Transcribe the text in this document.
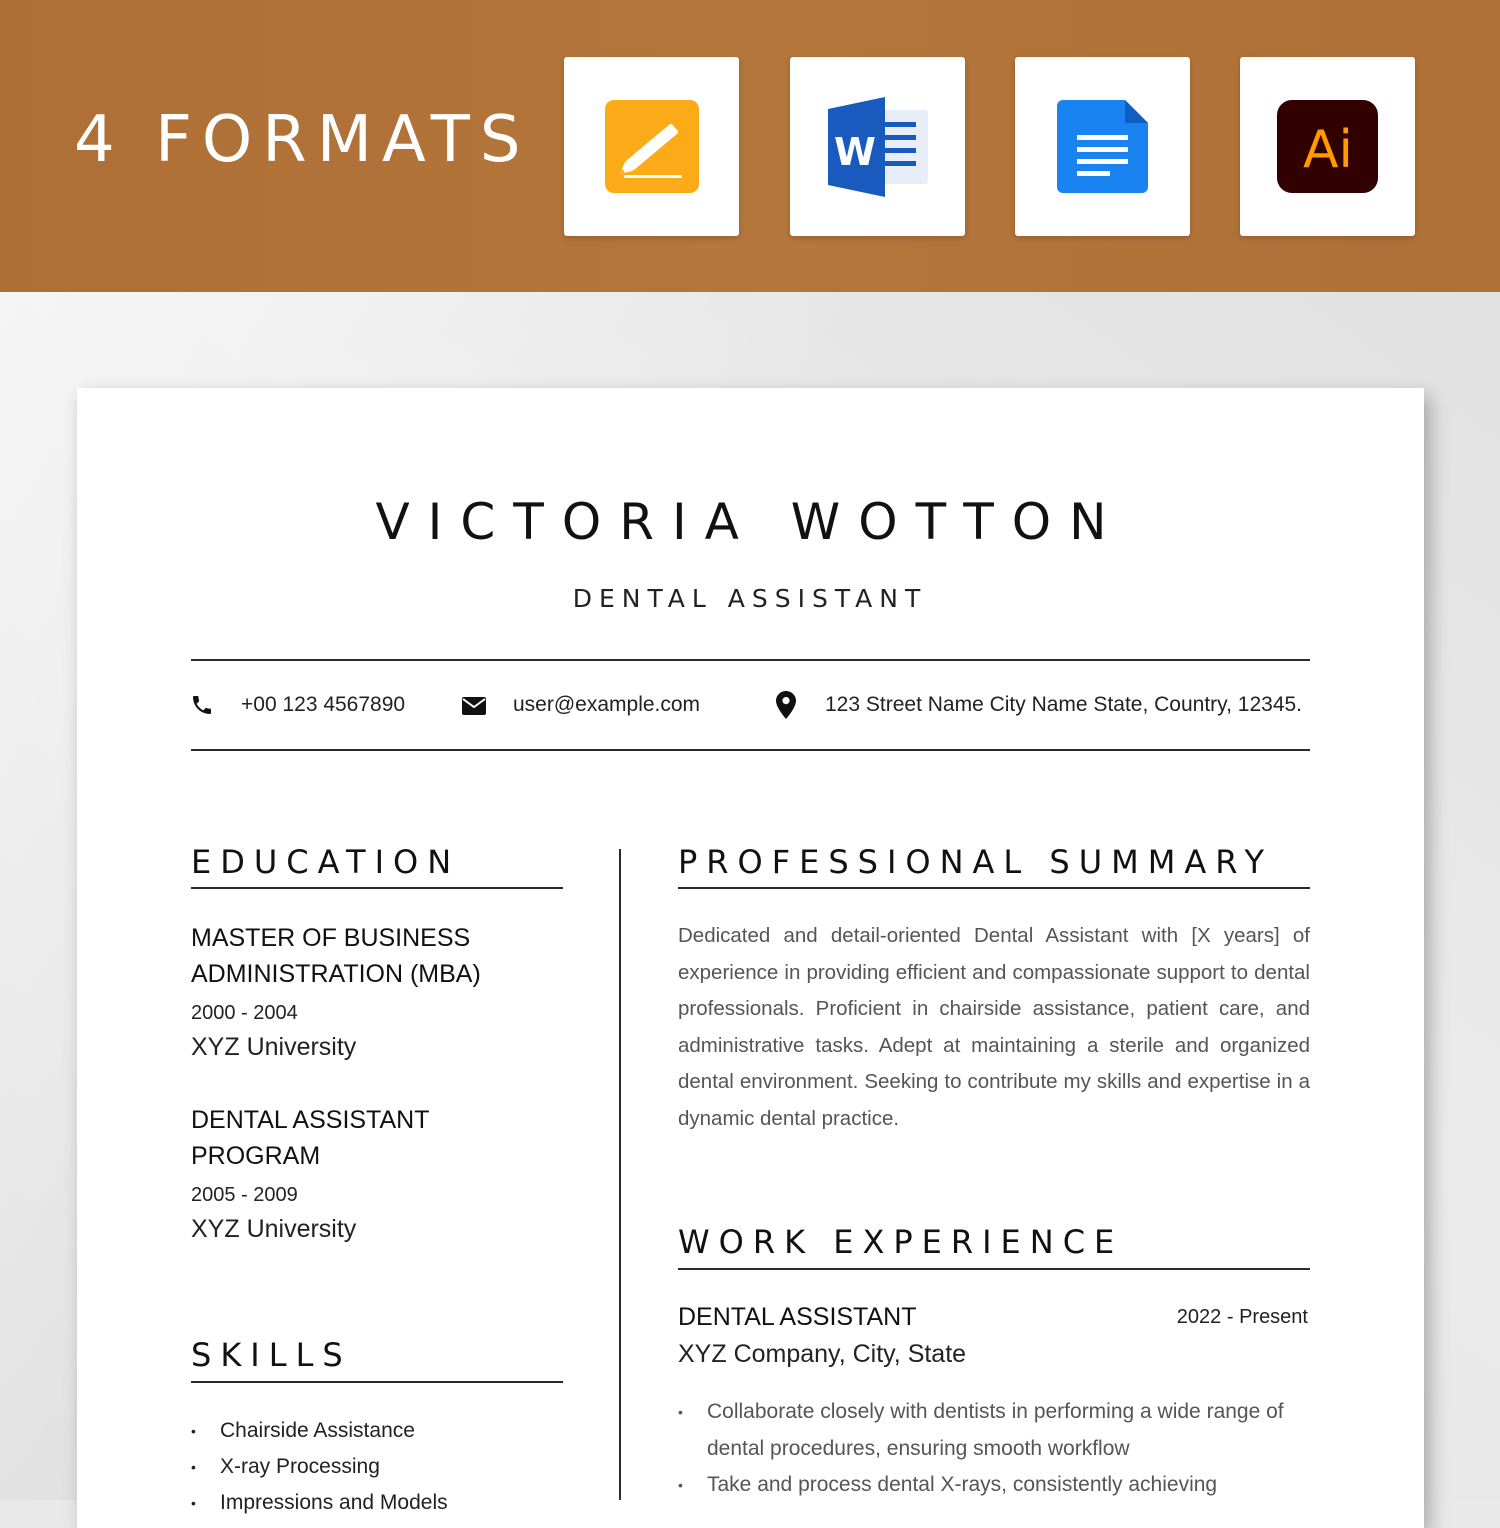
4 FORMATS	W	Ai
VICTORIA WOTTON
DENTAL ASSISTANT
+00 123 4567890	user@example.com	123 Street Name City Name State, Country, 12345.
EDUCATION
MASTER OF BUSINESS ADMINISTRATION (MBA)
2000 - 2004
XYZ University
DENTAL ASSISTANT PROGRAM
2005 - 2009
XYZ University
SKILLS
• Chairside Assistance
• X-ray Processing
• Impressions and Models
PROFESSIONAL SUMMARY

Dedicated and detail-oriented Dental Assistant with [X years] of experience in providing efficient and compassionate support to dental professionals. Proficient in chairside assistance, patient care, and administrative tasks. Adept at maintaining a sterile and organized dental environment. Seeking to contribute my skills and expertise in a dynamic dental practice.

WORK EXPERIENCE
DENTAL ASSISTANT	2022 - Present
XYZ Company, City, State
• Collaborate closely with dentists in performing a wide range of dental procedures, ensuring smooth workflow
• Take and process dental X-rays, consistently achieving
